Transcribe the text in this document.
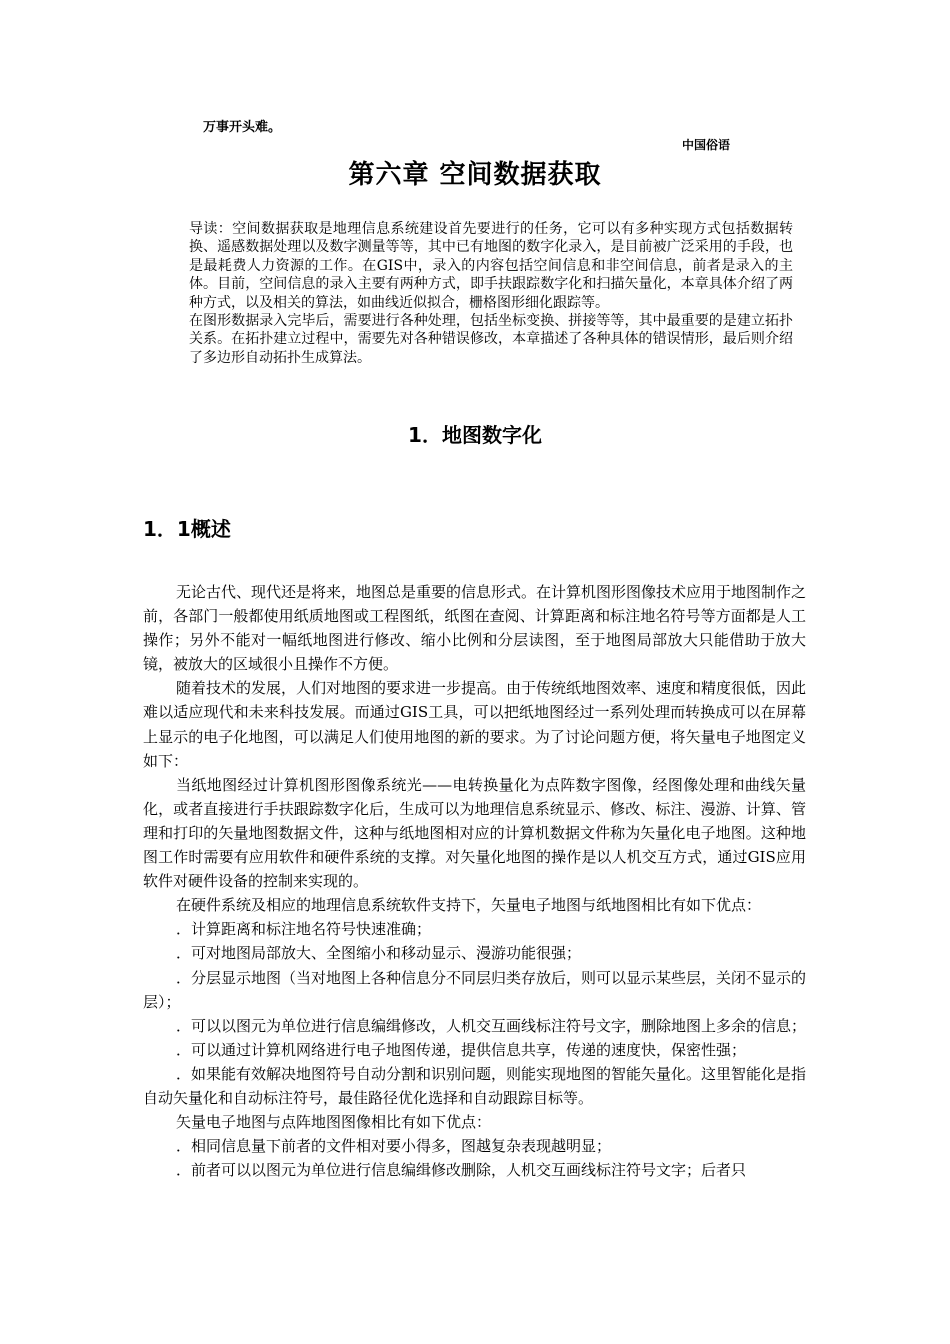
万事开头难。
中国俗语
第六章 空间数据获取

导读：空间数据获取是地理信息系统建设首先要进行的任务，它可以有多种实现方式包括数据转换、遥感数据处理以及数字测量等等，其中已有地图的数字化录入，是目前被广泛采用的手段，也是最耗费人力资源的工作。在GIS中，录入的内容包括空间信息和非空间信息，前者是录入的主体。目前，空间信息的录入主要有两种方式，即手扶跟踪数字化和扫描矢量化，本章具体介绍了两种方式，以及相关的算法，如曲线近似拟合，栅格图形细化跟踪等。

在图形数据录入完毕后，需要进行各种处理，包括坐标变换、拼接等等，其中最重要的是建立拓扑关系。在拓扑建立过程中，需要先对各种错误修改，本章描述了各种具体的错误情形，最后则介绍了多边形自动拓扑生成算法。

1．地图数字化
1．1概述

无论古代、现代还是将来，地图总是重要的信息形式。在计算机图形图像技术应用于地图制作之前，各部门一般都使用纸质地图或工程图纸，纸图在查阅、计算距离和标注地名符号等方面都是人工操作；另外不能对一幅纸地图进行修改、缩小比例和分层读图，至于地图局部放大只能借助于放大镜，被放大的区域很小且操作不方便。

随着技术的发展，人们对地图的要求进一步提高。由于传统纸地图效率、速度和精度很低，因此难以适应现代和未来科技发展。而通过GIS工具，可以把纸地图经过一系列处理而转换成可以在屏幕上显示的电子化地图，可以满足人们使用地图的新的要求。为了讨论问题方便，将矢量电子地图定义如下：

当纸地图经过计算机图形图像系统光——电转换量化为点阵数字图像，经图像处理和曲线矢量化，或者直接进行手扶跟踪数字化后，生成可以为地理信息系统显示、修改、标注、漫游、计算、管理和打印的矢量地图数据文件，这种与纸地图相对应的计算机数据文件称为矢量化电子地图。这种地图工作时需要有应用软件和硬件系统的支撑。对矢量化地图的操作是以人机交互方式，通过GIS应用软件对硬件设备的控制来实现的。

在硬件系统及相应的地理信息系统软件支持下，矢量电子地图与纸地图相比有如下优点：

．计算距离和标注地名符号快速准确；

．可对地图局部放大、全图缩小和移动显示、漫游功能很强；

．分层显示地图（当对地图上各种信息分不同层归类存放后，则可以显示某些层，关闭不显示的层）；

．可以以图元为单位进行信息编缉修改，人机交互画线标注符号文字，删除地图上多余的信息；

．可以通过计算机网络进行电子地图传递，提供信息共享，传递的速度快，保密性强；

．如果能有效解决地图符号自动分割和识别问题，则能实现地图的智能矢量化。这里智能化是指自动矢量化和自动标注符号，最佳路径优化选择和自动跟踪目标等。

矢量电子地图与点阵地图图像相比有如下优点：

．相同信息量下前者的文件相对要小得多，图越复杂表现越明显；

．前者可以以图元为单位进行信息编缉修改删除，人机交互画线标注符号文字；后者只
